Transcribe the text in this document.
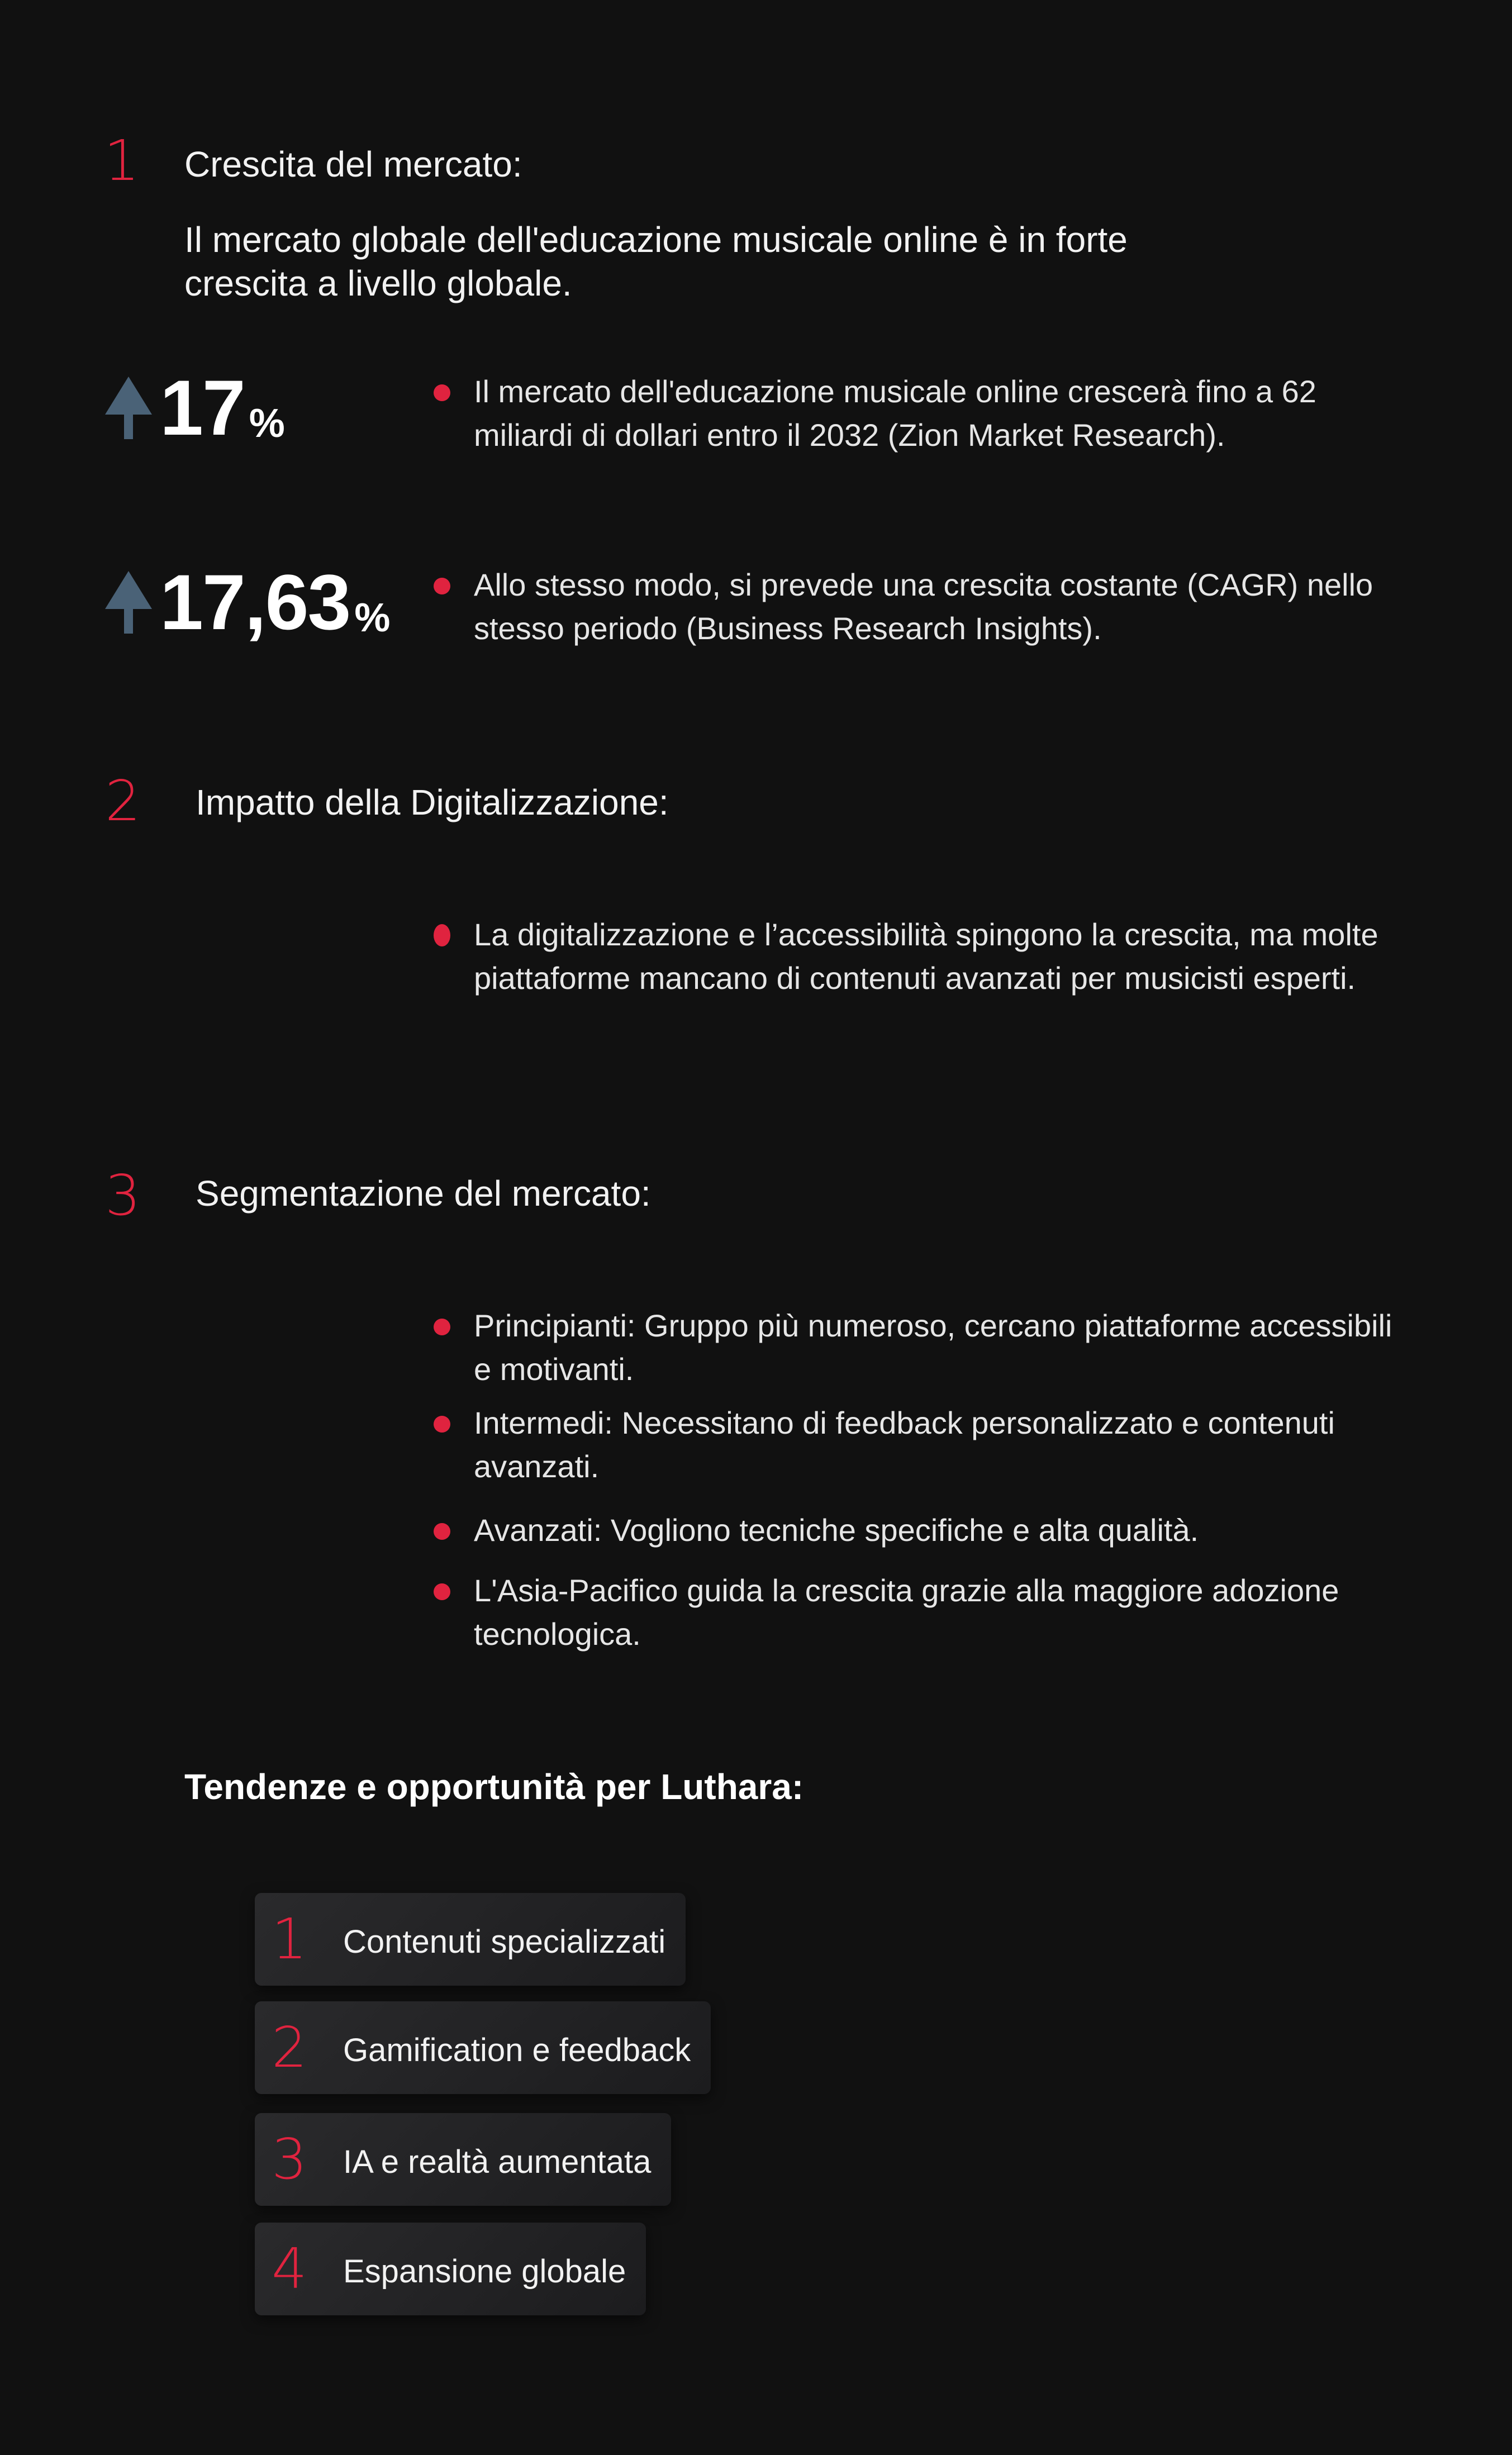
1 Crescita del mercato:
Il mercato globale dell'educazione musicale online è in forte crescita a livello globale.
17 %
Il mercato dell'educazione musicale online crescerà fino a 62 miliardi di dollari entro il 2032 (Zion Market Research).
17,63 %
Allo stesso modo, si prevede una crescita costante (CAGR) nello stesso periodo (Business Research Insights).
2 Impatto della Digitalizzazione:
La digitalizzazione e l’accessibilità spingono la crescita, ma molte piattaforme mancano di contenuti avanzati per musicisti esperti.
3 Segmentazione del mercato:
Principianti: Gruppo più numeroso, cercano piattaforme accessibili e motivanti.
Intermedi: Necessitano di feedback personalizzato e contenuti avanzati.
Avanzati: Vogliono tecniche specifiche e alta qualità.
L'Asia-Pacifico guida la crescita grazie alla maggiore adozione tecnologica.
Tendenze e opportunità per Luthara:
1	Contenuti specializzati
2	Gamification e feedback
3	IA e realtà aumentata
4	Espansione globale
